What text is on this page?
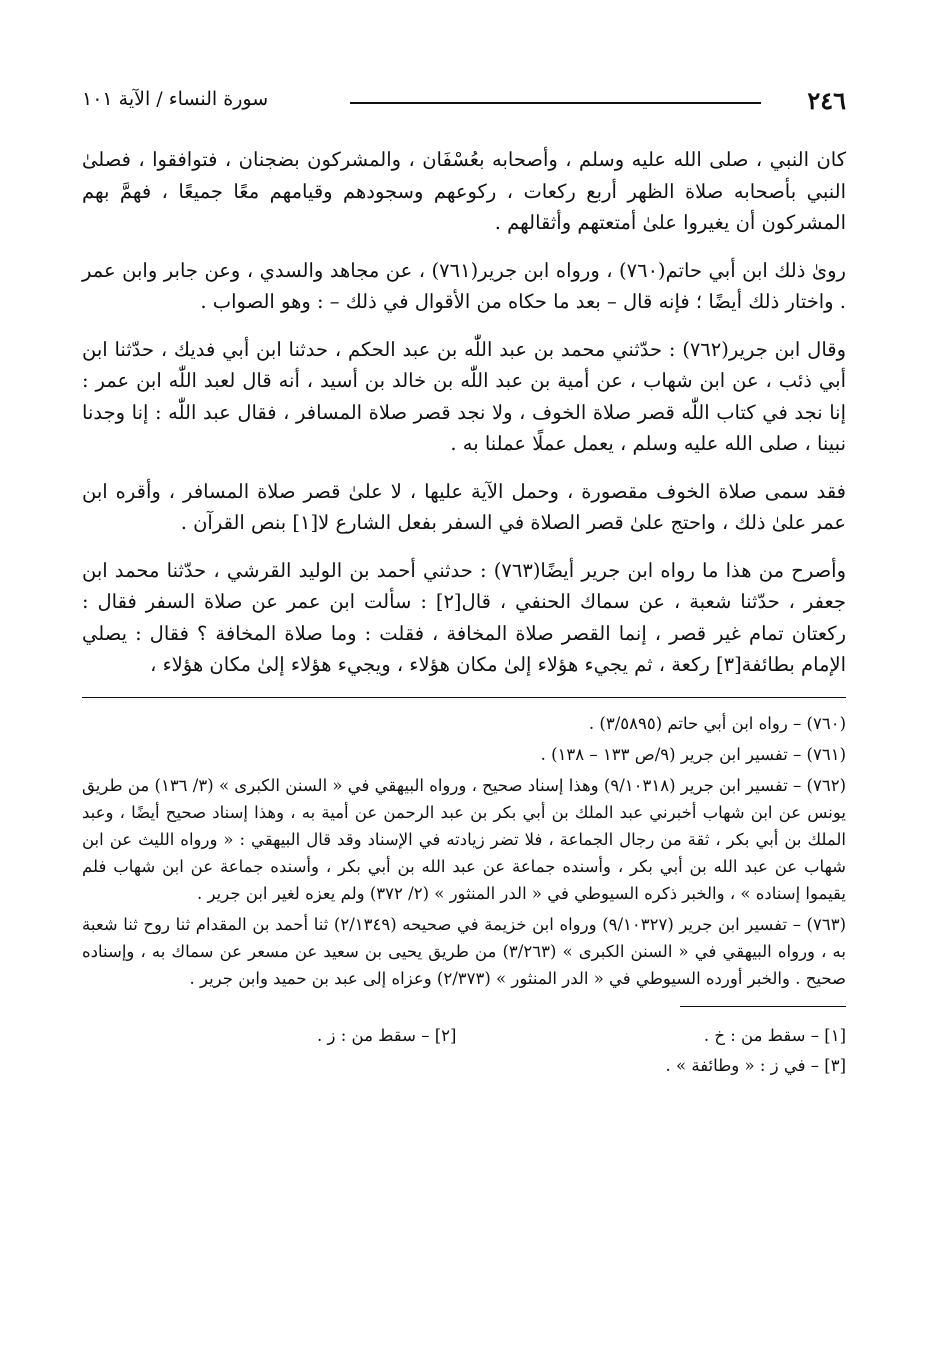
٢٤٦
سورة النساء / الآية ١٠١

كان النبي ، صلى الله عليه وسلم ، وأصحابه بعُسْفَان ، والمشركون بضجنان ، فتوافقوا ، فصلىٰ النبي بأصحابه صلاة الظهر أربع ركعات ، ركوعهم وسجودهم وقيامهم معًا جميعًا ، فهمَّ بهم المشركون أن يغيروا علىٰ أمتعتهم وأثقالهم .

روىٰ ذلك ابن أبي حاتم(٧٦٠) ، ورواه ابن جرير(٧٦١) ، عن مجاهد والسدي ، وعن جابر وابن عمر . واختار ذلك أيضًا ؛ فإنه قال – بعد ما حكاه من الأقوال في ذلك – : وهو الصواب .

وقال ابن جرير(٧٦٢) : حدّثني محمد بن عبد اللّٰه بن عبد الحكم ، حدثنا ابن أبي فديك ، حدّثنا ابن أبي ذئب ، عن ابن شهاب ، عن أمية بن عبد اللّٰه بن خالد بن أسيد ، أنه قال لعبد اللّٰه ابن عمر : إنا نجد في كتاب اللّٰه قصر صلاة الخوف ، ولا نجد قصر صلاة المسافر ، فقال عبد اللّٰه : إنا وجدنا نبينا ، صلى الله عليه وسلم ، يعمل عملًا عملنا به .

فقد سمى صلاة الخوف مقصورة ، وحمل الآية عليها ، لا علىٰ قصر صلاة المسافر ، وأقره ابن عمر علىٰ ذلك ، واحتج علىٰ قصر الصلاة في السفر بفعل الشارع لا[١] بنص القرآن .

وأصرح من هذا ما رواه ابن جرير أيضًا(٧٦٣) : حدثني أحمد بن الوليد القرشي ، حدّثنا محمد ابن جعفر ، حدّثنا شعبة ، عن سماك الحنفي ، قال[٢] : سألت ابن عمر عن صلاة السفر فقال : ركعتان تمام غير قصر ، إنما القصر صلاة المخافة ، فقلت : وما صلاة المخافة ؟ فقال : يصلي الإمام بطائفة[٣] ركعة ، ثم يجيء هؤلاء إلىٰ مكان هؤلاء ، ويجيء هؤلاء إلىٰ مكان هؤلاء ،

(٧٦٠) – رواه ابن أبي حاتم (٣/٥٨٩٥) .

(٧٦١) – تفسير ابن جرير (٩/ص ١٣٣ – ١٣٨) .

(٧٦٢) – تفسير ابن جرير (٩/١٠٣١٨) وهذا إسناد صحيح ، ورواه البيهقي في « السنن الكبرى » (٣/ ١٣٦) من طريق يونس عن ابن شهاب أخبرني عبد الملك بن أبي بكر بن عبد الرحمن عن أمية به ، وهذا إسناد صحيح أيضًا ، وعبد الملك بن أبي بكر ، ثقة من رجال الجماعة ، فلا تضر زيادته في الإسناد وقد قال البيهقي : « ورواه الليث عن ابن شهاب عن عبد الله بن أبي بكر ، وأسنده جماعة عن عبد الله بن أبي بكر ، وأسنده جماعة عن ابن شهاب فلم يقيموا إسناده » ، والخبر ذكره السيوطي في « الدر المنثور » (٢/ ٣٧٢) ولم يعزه لغير ابن جرير .

(٧٦٣) – تفسير ابن جرير (٩/١٠٣٢٧) ورواه ابن خزيمة في صحيحه (٢/١٣٤٩) ثنا أحمد بن المقدام ثنا روح ثنا شعبة به ، ورواه البيهقي في « السنن الكبرى » (٣/٢٦٣) من طريق يحيى بن سعيد عن مسعر عن سماك به ، وإسناده صحيح . والخبر أورده السيوطي في « الدر المنثور » (٢/٣٧٣) وعزاه إلى عبد بن حميد وابن جرير .

[١] – سقط من : خ .
[٢] – سقط من : ز .
[٣] – في ز : « وطائفة » .
